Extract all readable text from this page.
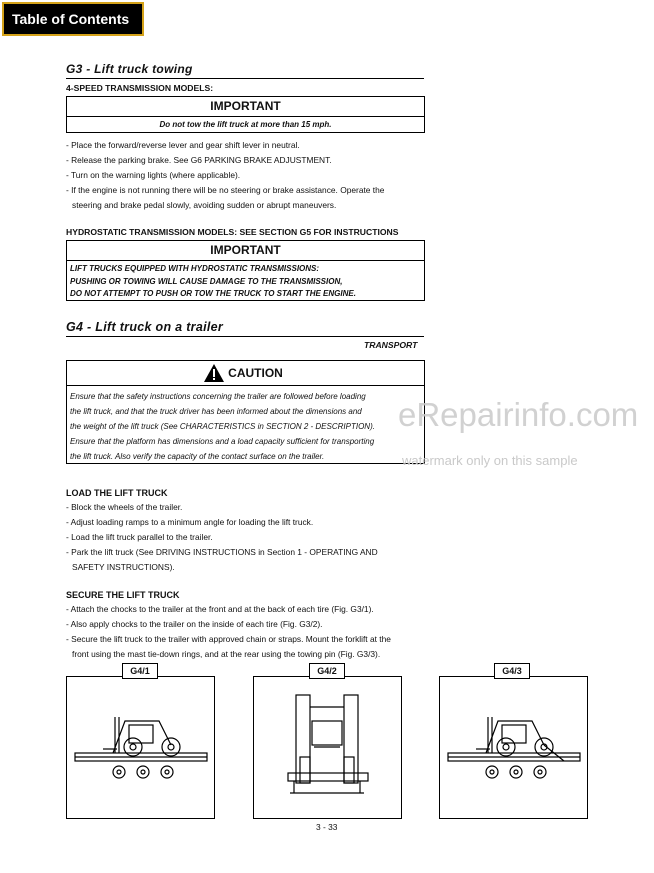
Table of Contents
G3 - Lift truck towing
4-SPEED TRANSMISSION MODELS:
IMPORTANT
Do not tow the lift truck at more than 15 mph.
- Place the forward/reverse lever and gear shift lever in neutral.
- Release the parking brake. See G6 PARKING BRAKE ADJUSTMENT.
- Turn on the warning lights (where applicable).
- If the engine is not running there will be no steering or brake assistance. Operate the
steering and brake pedal slowly, avoiding sudden or abrupt maneuvers.
HYDROSTATIC TRANSMISSION MODELS: SEE SECTION G5 FOR INSTRUCTIONS
IMPORTANT
LIFT TRUCKS EQUIPPED WITH HYDROSTATIC TRANSMISSIONS:
PUSHING OR TOWING WILL CAUSE DAMAGE TO THE TRANSMISSION,
DO NOT ATTEMPT TO PUSH OR TOW THE TRUCK TO START THE ENGINE.
G4 - Lift truck on a trailer
TRANSPORT
CAUTION
Ensure that the safety instructions concerning the trailer are followed before loading
the lift truck, and that the truck driver has been informed about the dimensions and
the weight of the lift truck (See CHARACTERISTICS in SECTION 2 - DESCRIPTION).
Ensure that the platform has dimensions and a load capacity sufficient for transporting
the lift truck. Also verify the capacity of the contact surface on the trailer.
eRepairinfo.com
watermark only on this sample
LOAD THE LIFT TRUCK
- Block the wheels of the trailer.
- Adjust loading ramps to a minimum angle for loading the lift truck.
- Load the lift truck parallel to the trailer.
- Park the lift truck (See DRIVING INSTRUCTIONS in Section 1 - OPERATING AND
SAFETY INSTRUCTIONS).
SECURE THE LIFT TRUCK
- Attach the chocks to the trailer at the front and at the back of each tire (Fig. G3/1).
- Also apply chocks to the trailer on the inside of each tire (Fig. G3/2).
- Secure the lift truck to the trailer with approved chain or straps. Mount the forklift at the
front using the mast tie-down rings, and at the rear using the towing pin (Fig. G3/3).
G4/1	G4/2	G4/3
3 - 33
